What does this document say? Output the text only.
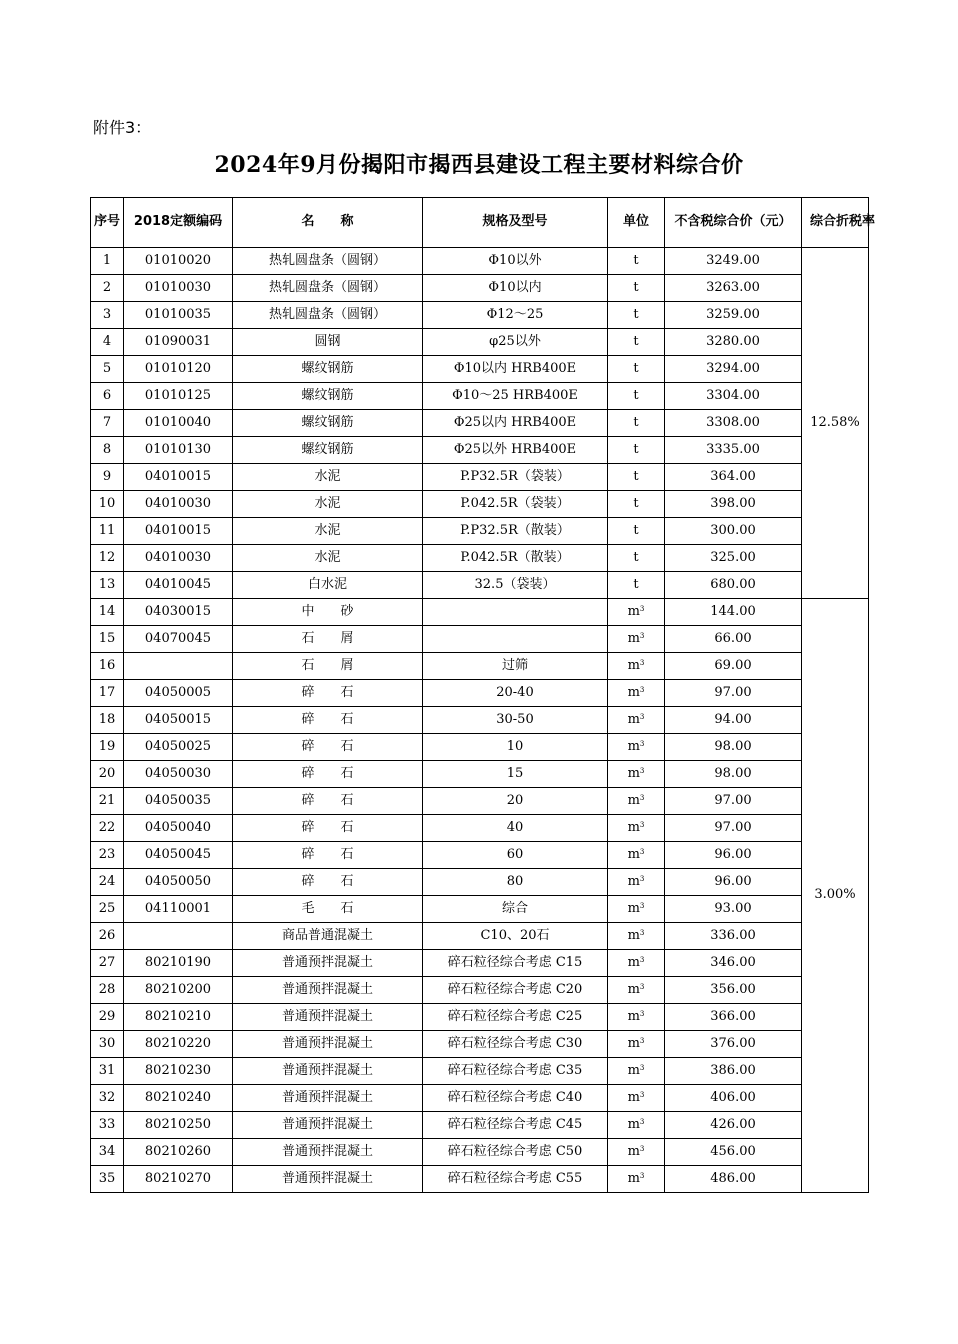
附件3：
2024年9月份揭阳市揭西县建设工程主要材料综合价
序号	2018定额编码	名　　称	规格及型号	单位	不含税综合价（元）	综合折税率
1	01010020	热轧圆盘条（圆钢）	Φ10以外	t	3249.00	12.58%
2	01010030	热轧圆盘条（圆钢）	Φ10以内	t	3263.00	
3	01010035	热轧圆盘条（圆钢）	Φ12～25	t	3259.00	
4	01090031	圆钢	φ25以外	t	3280.00	
5	01010120	螺纹钢筋	Φ10以内 HRB400E	t	3294.00	
6	01010125	螺纹钢筋	Φ10～25 HRB400E	t	3304.00	
7	01010040	螺纹钢筋	Φ25以内 HRB400E	t	3308.00	
8	01010130	螺纹钢筋	Φ25以外 HRB400E	t	3335.00	
9	04010015	水泥	P.P32.5R（袋装）	t	364.00	
10	04010030	水泥	P.042.5R（袋装）	t	398.00	
11	04010015	水泥	P.P32.5R（散装）	t	300.00	
12	04010030	水泥	P.042.5R（散装）	t	325.00	
13	04010045	白水泥	32.5（袋装）	t	680.00	
14	04030015	中　　砂		$m^3$	144.00	3.00%
15	04070045	石　　屑		$m^3$	66.00	
16		石　　屑	过筛	$m^3$	69.00	
17	04050005	碎　　石	20-40	$m^3$	97.00	
18	04050015	碎　　石	30-50	$m^3$	94.00	
19	04050025	碎　　石	10	$m^3$	98.00	
20	04050030	碎　　石	15	$m^3$	98.00	
21	04050035	碎　　石	20	$m^3$	97.00	
22	04050040	碎　　石	40	$m^3$	97.00	
23	04050045	碎　　石	60	$m^3$	96.00	
24	04050050	碎　　石	80	$m^3$	96.00	
25	04110001	毛　　石	综合	$m^3$	93.00	
26		商品普通混凝土	C10、20石	$m^3$	336.00	
27	80210190	普通预拌混凝土	碎石粒径综合考虑 C15	$m^3$	346.00	
28	80210200	普通预拌混凝土	碎石粒径综合考虑 C20	$m^3$	356.00	
29	80210210	普通预拌混凝土	碎石粒径综合考虑 C25	$m^3$	366.00	
30	80210220	普通预拌混凝土	碎石粒径综合考虑 C30	$m^3$	376.00	
31	80210230	普通预拌混凝土	碎石粒径综合考虑 C35	$m^3$	386.00	
32	80210240	普通预拌混凝土	碎石粒径综合考虑 C40	$m^3$	406.00	
33	80210250	普通预拌混凝土	碎石粒径综合考虑 C45	$m^3$	426.00	
34	80210260	普通预拌混凝土	碎石粒径综合考虑 C50	$m^3$	456.00	
35	80210270	普通预拌混凝土	碎石粒径综合考虑 C55	$m^3$	486.00	
